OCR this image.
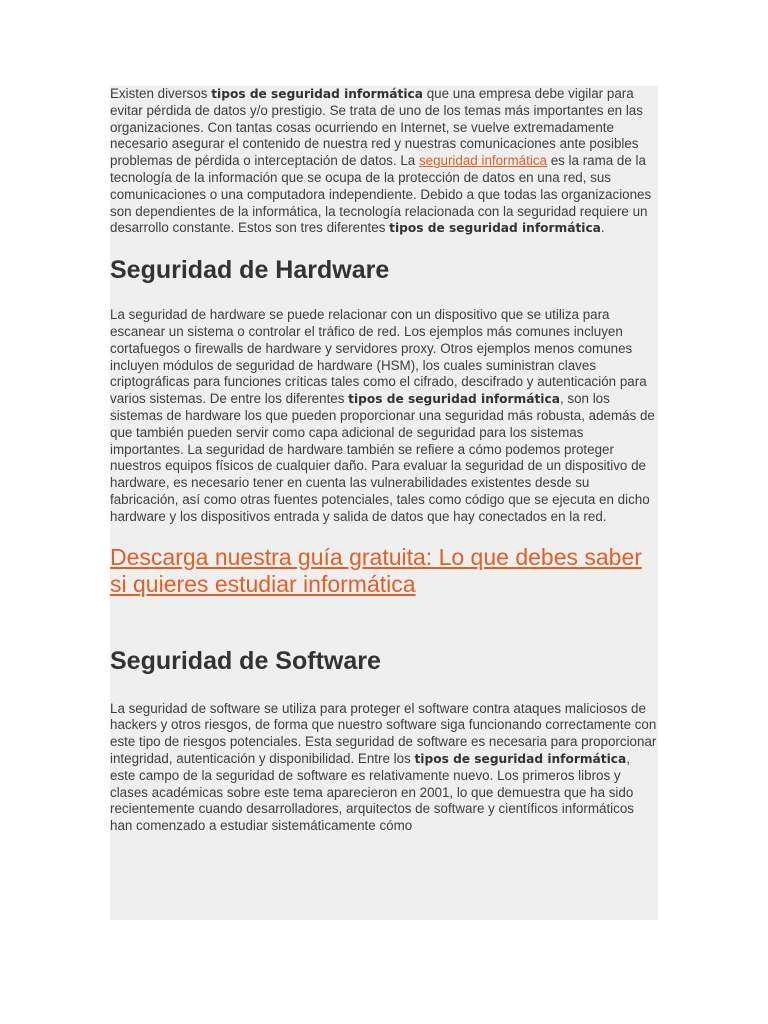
Existen diversos tipos de seguridad informática que una empresa debe vigilar para evitar pérdida de datos y/o prestigio. Se trata de uno de los temas más importantes en las organizaciones. Con tantas cosas ocurriendo en Internet, se vuelve extremadamente necesario asegurar el contenido de nuestra red y nuestras comunicaciones ante posibles problemas de pérdida o interceptación de datos. La seguridad informática es la rama de la tecnología de la información que se ocupa de la protección de datos en una red, sus comunicaciones o una computadora independiente. Debido a que todas las organizaciones son dependientes de la informática, la tecnología relacionada con la seguridad requiere un desarrollo constante. Estos son tres diferentes tipos de seguridad informática.

Seguridad de Hardware

La seguridad de hardware se puede relacionar con un dispositivo que se utiliza para escanear un sistema o controlar el tráfico de red. Los ejemplos más comunes incluyen cortafuegos o firewalls de hardware y servidores proxy. Otros ejemplos menos comunes incluyen módulos de seguridad de hardware (HSM), los cuales suministran claves criptográficas para funciones críticas tales como el cifrado, descifrado y autenticación para varios sistemas. De entre los diferentes tipos de seguridad informática, son los sistemas de hardware los que pueden proporcionar una seguridad más robusta, además de que también pueden servir como capa adicional de seguridad para los sistemas importantes. La seguridad de hardware también se refiere a cómo podemos proteger nuestros equipos físicos de cualquier daño. Para evaluar la seguridad de un dispositivo de hardware, es necesario tener en cuenta las vulnerabilidades existentes desde su fabricación, así como otras fuentes potenciales, tales como código que se ejecuta en dicho hardware y los dispositivos entrada y salida de datos que hay conectados en la red.

Descarga nuestra guía gratuita: Lo que debes saber si quieres estudiar informática
Seguridad de Software

La seguridad de software se utiliza para proteger el software contra ataques maliciosos de hackers y otros riesgos, de forma que nuestro software siga funcionando correctamente con este tipo de riesgos potenciales. Esta seguridad de software es necesaria para proporcionar integridad, autenticación y disponibilidad. Entre los tipos de seguridad informática, este campo de la seguridad de software es relativamente nuevo. Los primeros libros y clases académicas sobre este tema aparecieron en 2001, lo que demuestra que ha sido recientemente cuando desarrolladores, arquitectos de software y científicos informáticos han comenzado a estudiar sistemáticamente cómo
